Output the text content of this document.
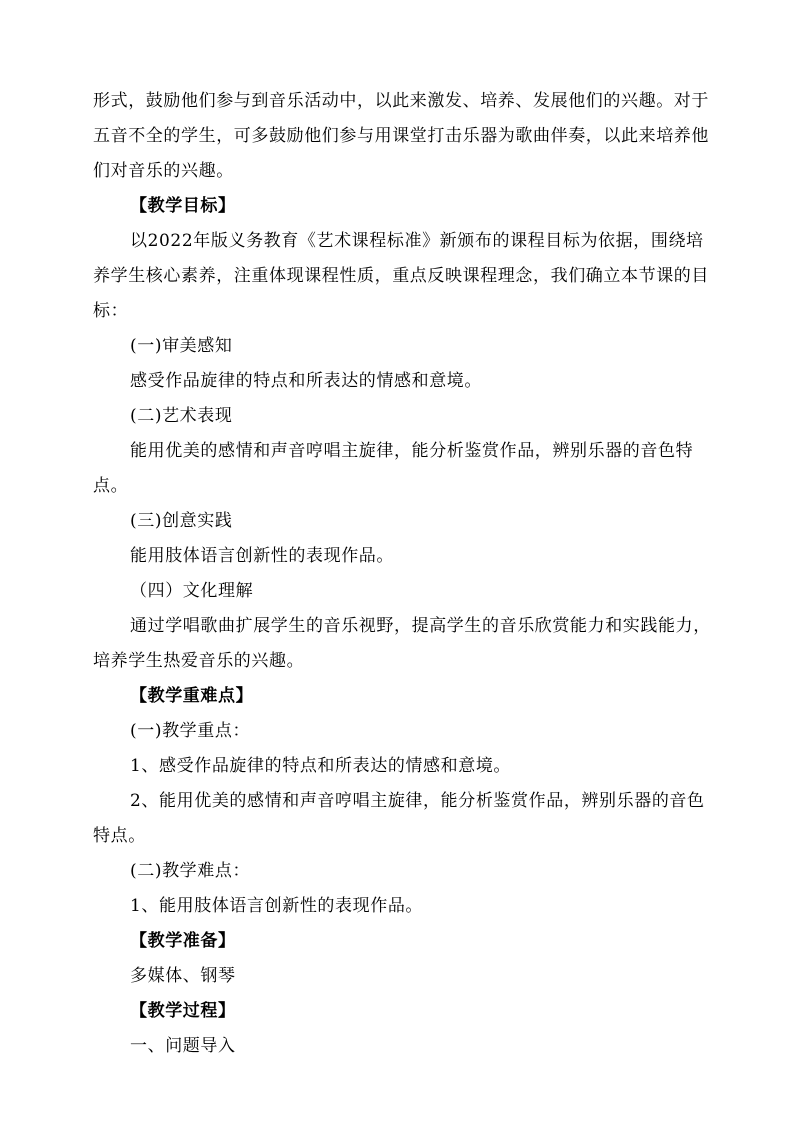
形式，鼓励他们参与到音乐活动中，以此来激发、培养、发展他们的兴趣。对于五音不全的学生，可多鼓励他们参与用课堂打击乐器为歌曲伴奏，以此来培养他们对音乐的兴趣。

【教学目标】

以2022年版义务教育《艺术课程标准》新颁布的课程目标为依据，围绕培养学生核心素养，注重体现课程性质，重点反映课程理念，我们确立本节课的目标：

(一)审美感知

感受作品旋律的特点和所表达的情感和意境。

(二)艺术表现

能用优美的感情和声音哼唱主旋律，能分析鉴赏作品，辨别乐器的音色特点。

(三)创意实践

能用肢体语言创新性的表现作品。

（四）文化理解

通过学唱歌曲扩展学生的音乐视野，提高学生的音乐欣赏能力和实践能力，培养学生热爱音乐的兴趣。

【教学重难点】

(一)教学重点：

1、感受作品旋律的特点和所表达的情感和意境。

2、能用优美的感情和声音哼唱主旋律，能分析鉴赏作品，辨别乐器的音色特点。

(二)教学难点：

1、能用肢体语言创新性的表现作品。

【教学准备】

多媒体、钢琴

【教学过程】

一、问题导入
